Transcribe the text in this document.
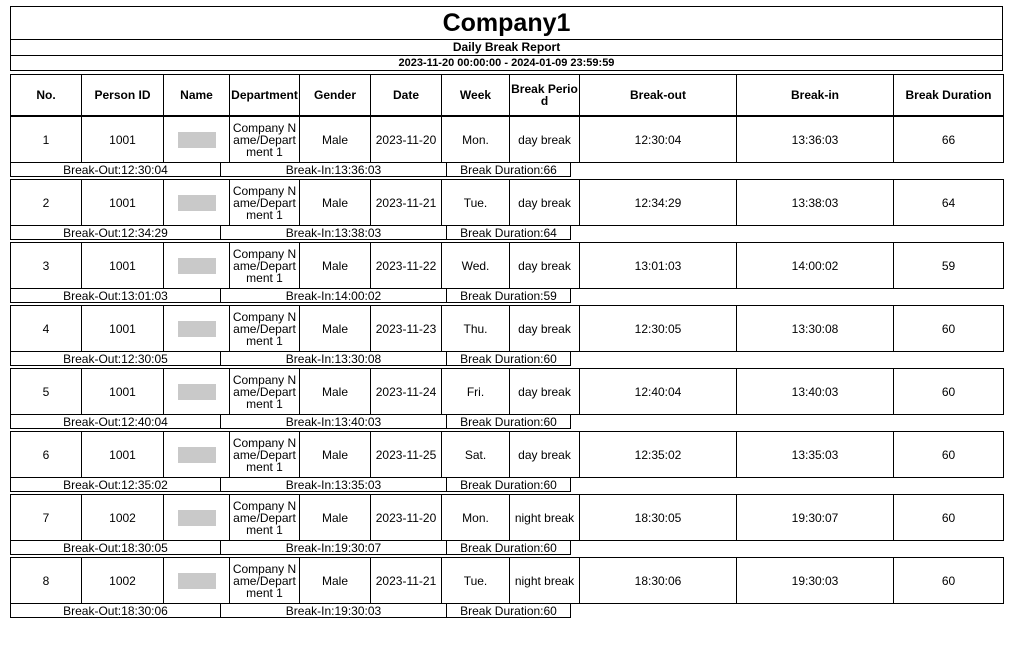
Company1
Daily Break Report
2023-11-20 00:00:00 - 2024-01-09 23:59:59
No.	Person ID	Name	Department	Gender	Date	Week	Break Period	Break-out	Break-in	Break Duration
1	1001		Company Name/Department 1	Male	2023-11-20	Mon.	day break	12:30:04	13:36:03	66
Break-Out:12:30:04	Break-In:13:36:03	Break Duration:66
2	1001		Company Name/Department 1	Male	2023-11-21	Tue.	day break	12:34:29	13:38:03	64
Break-Out:12:34:29	Break-In:13:38:03	Break Duration:64
3	1001		Company Name/Department 1	Male	2023-11-22	Wed.	day break	13:01:03	14:00:02	59
Break-Out:13:01:03	Break-In:14:00:02	Break Duration:59
4	1001		Company Name/Department 1	Male	2023-11-23	Thu.	day break	12:30:05	13:30:08	60
Break-Out:12:30:05	Break-In:13:30:08	Break Duration:60
5	1001		Company Name/Department 1	Male	2023-11-24	Fri.	day break	12:40:04	13:40:03	60
Break-Out:12:40:04	Break-In:13:40:03	Break Duration:60
6	1001		Company Name/Department 1	Male	2023-11-25	Sat.	day break	12:35:02	13:35:03	60
Break-Out:12:35:02	Break-In:13:35:03	Break Duration:60
7	1002		Company Name/Department 1	Male	2023-11-20	Mon.	night break	18:30:05	19:30:07	60
Break-Out:18:30:05	Break-In:19:30:07	Break Duration:60
8	1002		Company Name/Department 1	Male	2023-11-21	Tue.	night break	18:30:06	19:30:03	60
Break-Out:18:30:06	Break-In:19:30:03	Break Duration:60
